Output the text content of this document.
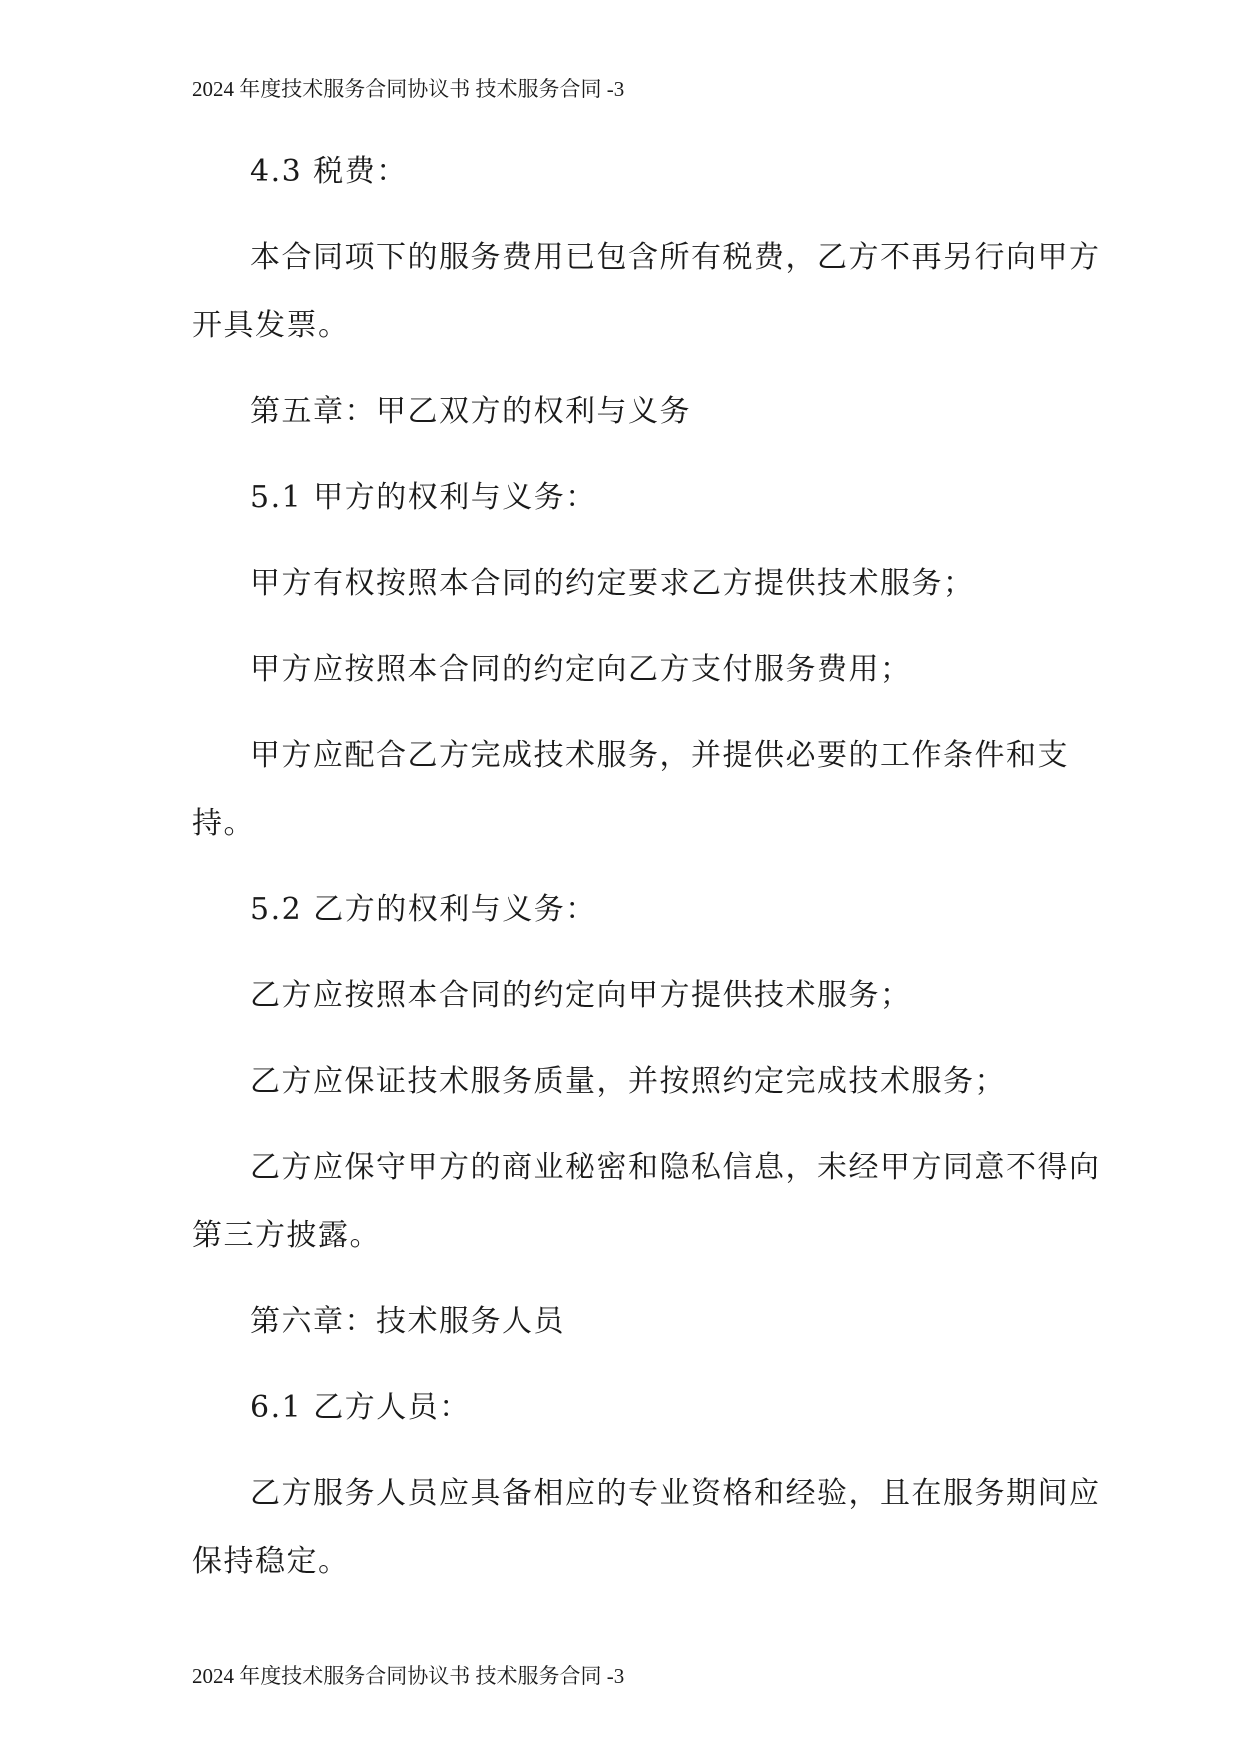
2024 年度技术服务合同协议书 技术服务合同 -3
4.3 税费：
本合同项下的服务费用已包含所有税费，乙方不再另行向甲方
开具发票。
第五章：甲乙双方的权利与义务
5.1 甲方的权利与义务：
甲方有权按照本合同的约定要求乙方提供技术服务；
甲方应按照本合同的约定向乙方支付服务费用；
甲方应配合乙方完成技术服务，并提供必要的工作条件和支
持。
5.2 乙方的权利与义务：
乙方应按照本合同的约定向甲方提供技术服务；
乙方应保证技术服务质量，并按照约定完成技术服务；
乙方应保守甲方的商业秘密和隐私信息，未经甲方同意不得向
第三方披露。
第六章：技术服务人员
6.1 乙方人员：
乙方服务人员应具备相应的专业资格和经验，且在服务期间应
保持稳定。
2024 年度技术服务合同协议书 技术服务合同 -3
